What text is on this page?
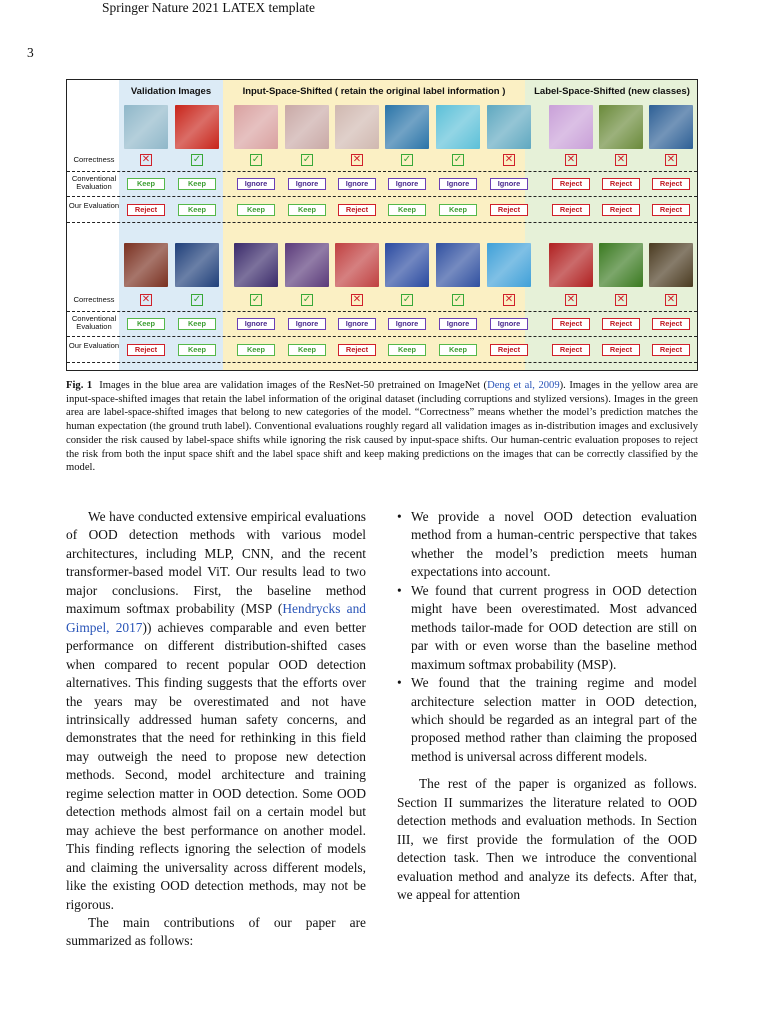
Springer Nature 2021 LATEX template
3
Validation Images	Input-Space-Shifted ( retain the original label information )	Label-Space-Shifted (new classes)
Correctness
Conventional Evaluation
Our Evaluation
Correctness
Conventional Evaluation
Our Evaluation
✕
Keep
Reject
✓
Keep
Keep
✓
Ignore
Keep
✓
Ignore
Keep
✕
Ignore
Reject
✓
Ignore
Keep
✓
Ignore
Keep
✕
Ignore
Reject
✕
Reject
Reject
✕
Reject
Reject
✕
Reject
Reject
✕
Keep
Reject
✓
Keep
Keep
✓
Ignore
Keep
✓
Ignore
Keep
✕
Ignore
Reject
✓
Ignore
Keep
✓
Ignore
Keep
✕
Ignore
Reject
✕
Reject
Reject
✕
Reject
Reject
✕
Reject
Reject
Fig. 1 Images in the blue area are validation images of the ResNet-50 pretrained on ImageNet (Deng et al, 2009). Images in the yellow area are input-space-shifted images that retain the label information of the original dataset (including corruptions and stylized versions). Images in the green area are label-space-shifted images that belong to new categories of the model. “Correctness” means whether the model’s prediction matches the human expectation (the ground truth label). Conventional evaluations roughly regard all validation images as in-distribution images and exclusively consider the risk caused by label-space shifts while ignoring the risk caused by input-space shifts. Our human-centric evaluation proposes to reject the risk from both the input space shift and the label space shift and keep making predictions on the images that can be correctly classified by the model.

We have conducted extensive empirical evaluations of OOD detection methods with various model architectures, including MLP, CNN, and the recent transformer-based model ViT. Our results lead to two major conclusions. First, the baseline method maximum softmax probability (MSP (Hendrycks and Gimpel, 2017)) achieves comparable and even better performance on different distribution-shifted cases when compared to recent popular OOD detection alternatives. This finding suggests that the efforts over the years may be overestimated and not have intrinsically addressed human safety concerns, and demonstrates that the need for rethinking in this field may outweigh the need to propose new detection methods. Second, model architecture and training regime selection matter in OOD detection. Some OOD detection methods almost fail on a certain model but may achieve the best performance on another model. This finding reflects ignoring the selection of models and claiming the universality across different models, like the existing OOD detection methods, may not be rigorous.

The main contributions of our paper are summarized as follows:

• We provide a novel OOD detection evaluation method from a human-centric perspective that takes whether the model’s prediction meets human expectations into account.
• We found that current progress in OOD detection might have been overestimated. Most advanced methods tailor-made for OOD detection are still on par with or even worse than the baseline method maximum softmax probability (MSP).
• We found that the training regime and model architecture selection matter in OOD detection, which should be regarded as an integral part of the proposed method rather than claiming the proposed method is universal across different models.

The rest of the paper is organized as follows. Section II summarizes the literature related to OOD detection methods and evaluation methods. In Section III, we first provide the formulation of the OOD detection task. Then we introduce the conventional evaluation method and analyze its defects. After that, we appeal for attention
